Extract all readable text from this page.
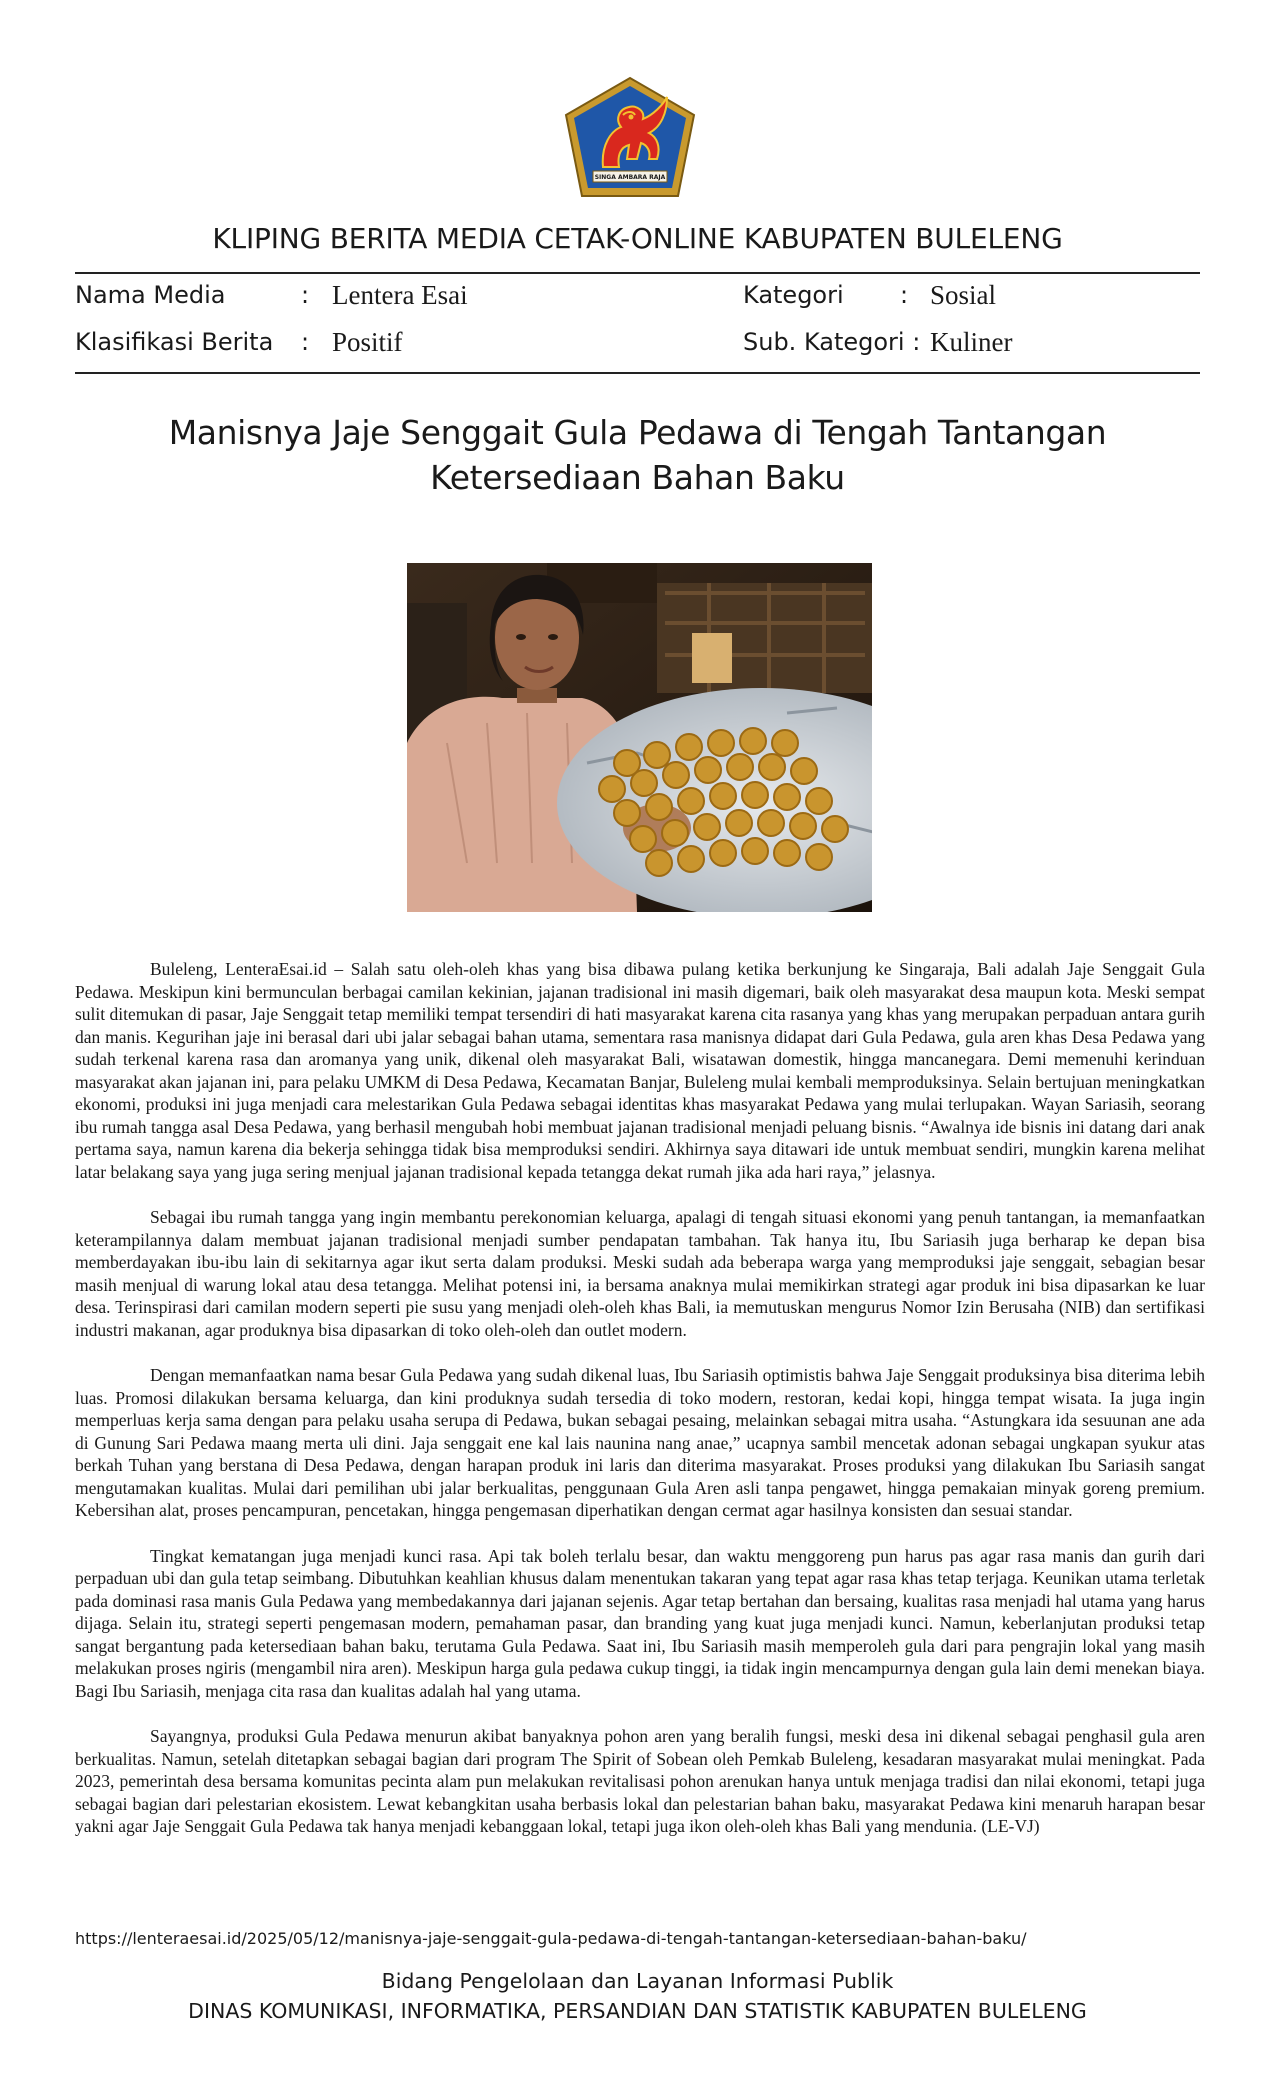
SINGA AMBARA RAJA
KLIPING BERITA MEDIA CETAK-ONLINE KABUPATEN BULELENG
Nama Media	: Lentera Esai	Kategori : Sosial
Klasifikasi Berita : Positif	Sub. Kategori : Kuliner
Manisnya Jaje Senggait Gula Pedawa di Tengah Tantangan Ketersediaan Bahan Baku

Buleleng, LenteraEsai.id – Salah satu oleh-oleh khas yang bisa dibawa pulang ketika berkunjung ke Singaraja, Bali adalah Jaje Senggait Gula Pedawa. Meskipun kini bermunculan berbagai camilan kekinian, jajanan tradisional ini masih digemari, baik oleh masyarakat desa maupun kota. Meski sempat sulit ditemukan di pasar, Jaje Senggait tetap memiliki tempat tersendiri di hati masyarakat karena cita rasanya yang khas yang merupakan perpaduan antara gurih dan manis. Kegurihan jaje ini berasal dari ubi jalar sebagai bahan utama, sementara rasa manisnya didapat dari Gula Pedawa, gula aren khas Desa Pedawa yang sudah terkenal karena rasa dan aromanya yang unik, dikenal oleh masyarakat Bali, wisatawan domestik, hingga mancanegara. Demi memenuhi kerinduan masyarakat akan jajanan ini, para pelaku UMKM di Desa Pedawa, Kecamatan Banjar, Buleleng mulai kembali memproduksinya. Selain bertujuan meningkatkan ekonomi, produksi ini juga menjadi cara melestarikan Gula Pedawa sebagai identitas khas masyarakat Pedawa yang mulai terlupakan. Wayan Sariasih, seorang ibu rumah tangga asal Desa Pedawa, yang berhasil mengubah hobi membuat jajanan tradisional menjadi peluang bisnis. “Awalnya ide bisnis ini datang dari anak pertama saya, namun karena dia bekerja sehingga tidak bisa memproduksi sendiri. Akhirnya saya ditawari ide untuk membuat sendiri, mungkin karena melihat latar belakang saya yang juga sering menjual jajanan tradisional kepada tetangga dekat rumah jika ada hari raya,” jelasnya.

Sebagai ibu rumah tangga yang ingin membantu perekonomian keluarga, apalagi di tengah situasi ekonomi yang penuh tantangan, ia memanfaatkan keterampilannya dalam membuat jajanan tradisional menjadi sumber pendapatan tambahan. Tak hanya itu, Ibu Sariasih juga berharap ke depan bisa memberdayakan ibu-ibu lain di sekitarnya agar ikut serta dalam produksi. Meski sudah ada beberapa warga yang memproduksi jaje senggait, sebagian besar masih menjual di warung lokal atau desa tetangga. Melihat potensi ini, ia bersama anaknya mulai memikirkan strategi agar produk ini bisa dipasarkan ke luar desa. Terinspirasi dari camilan modern seperti pie susu yang menjadi oleh-oleh khas Bali, ia memutuskan mengurus Nomor Izin Berusaha (NIB) dan sertifikasi industri makanan, agar produknya bisa dipasarkan di toko oleh-oleh dan outlet modern.

Dengan memanfaatkan nama besar Gula Pedawa yang sudah dikenal luas, Ibu Sariasih optimistis bahwa Jaje Senggait produksinya bisa diterima lebih luas. Promosi dilakukan bersama keluarga, dan kini produknya sudah tersedia di toko modern, restoran, kedai kopi, hingga tempat wisata. Ia juga ingin memperluas kerja sama dengan para pelaku usaha serupa di Pedawa, bukan sebagai pesaing, melainkan sebagai mitra usaha. “Astungkara ida sesuunan ane ada di Gunung Sari Pedawa maang merta uli dini. Jaja senggait ene kal lais naunina nang anae,” ucapnya sambil mencetak adonan sebagai ungkapan syukur atas berkah Tuhan yang berstana di Desa Pedawa, dengan harapan produk ini laris dan diterima masyarakat. Proses produksi yang dilakukan Ibu Sariasih sangat mengutamakan kualitas. Mulai dari pemilihan ubi jalar berkualitas, penggunaan Gula Aren asli tanpa pengawet, hingga pemakaian minyak goreng premium. Kebersihan alat, proses pencampuran, pencetakan, hingga pengemasan diperhatikan dengan cermat agar hasilnya konsisten dan sesuai standar.

Tingkat kematangan juga menjadi kunci rasa. Api tak boleh terlalu besar, dan waktu menggoreng pun harus pas agar rasa manis dan gurih dari perpaduan ubi dan gula tetap seimbang. Dibutuhkan keahlian khusus dalam menentukan takaran yang tepat agar rasa khas tetap terjaga. Keunikan utama terletak pada dominasi rasa manis Gula Pedawa yang membedakannya dari jajanan sejenis. Agar tetap bertahan dan bersaing, kualitas rasa menjadi hal utama yang harus dijaga. Selain itu, strategi seperti pengemasan modern, pemahaman pasar, dan branding yang kuat juga menjadi kunci. Namun, keberlanjutan produksi tetap sangat bergantung pada ketersediaan bahan baku, terutama Gula Pedawa. Saat ini, Ibu Sariasih masih memperoleh gula dari para pengrajin lokal yang masih melakukan proses ngiris (mengambil nira aren). Meskipun harga gula pedawa cukup tinggi, ia tidak ingin mencampurnya dengan gula lain demi menekan biaya. Bagi Ibu Sariasih, menjaga cita rasa dan kualitas adalah hal yang utama.

Sayangnya, produksi Gula Pedawa menurun akibat banyaknya pohon aren yang beralih fungsi, meski desa ini dikenal sebagai penghasil gula aren berkualitas. Namun, setelah ditetapkan sebagai bagian dari program The Spirit of Sobean oleh Pemkab Buleleng, kesadaran masyarakat mulai meningkat. Pada 2023, pemerintah desa bersama komunitas pecinta alam pun melakukan revitalisasi pohon arenukan hanya untuk menjaga tradisi dan nilai ekonomi, tetapi juga sebagai bagian dari pelestarian ekosistem. Lewat kebangkitan usaha berbasis lokal dan pelestarian bahan baku, masyarakat Pedawa kini menaruh harapan besar yakni agar Jaje Senggait Gula Pedawa tak hanya menjadi kebanggaan lokal, tetapi juga ikon oleh-oleh khas Bali yang mendunia. (LE-VJ)

https://lenteraesai.id/2025/05/12/manisnya-jaje-senggait-gula-pedawa-di-tengah-tantangan-ketersediaan-bahan-baku/
Bidang Pengelolaan dan Layanan Informasi Publik
DINAS KOMUNIKASI, INFORMATIKA, PERSANDIAN DAN STATISTIK KABUPATEN BULELENG
